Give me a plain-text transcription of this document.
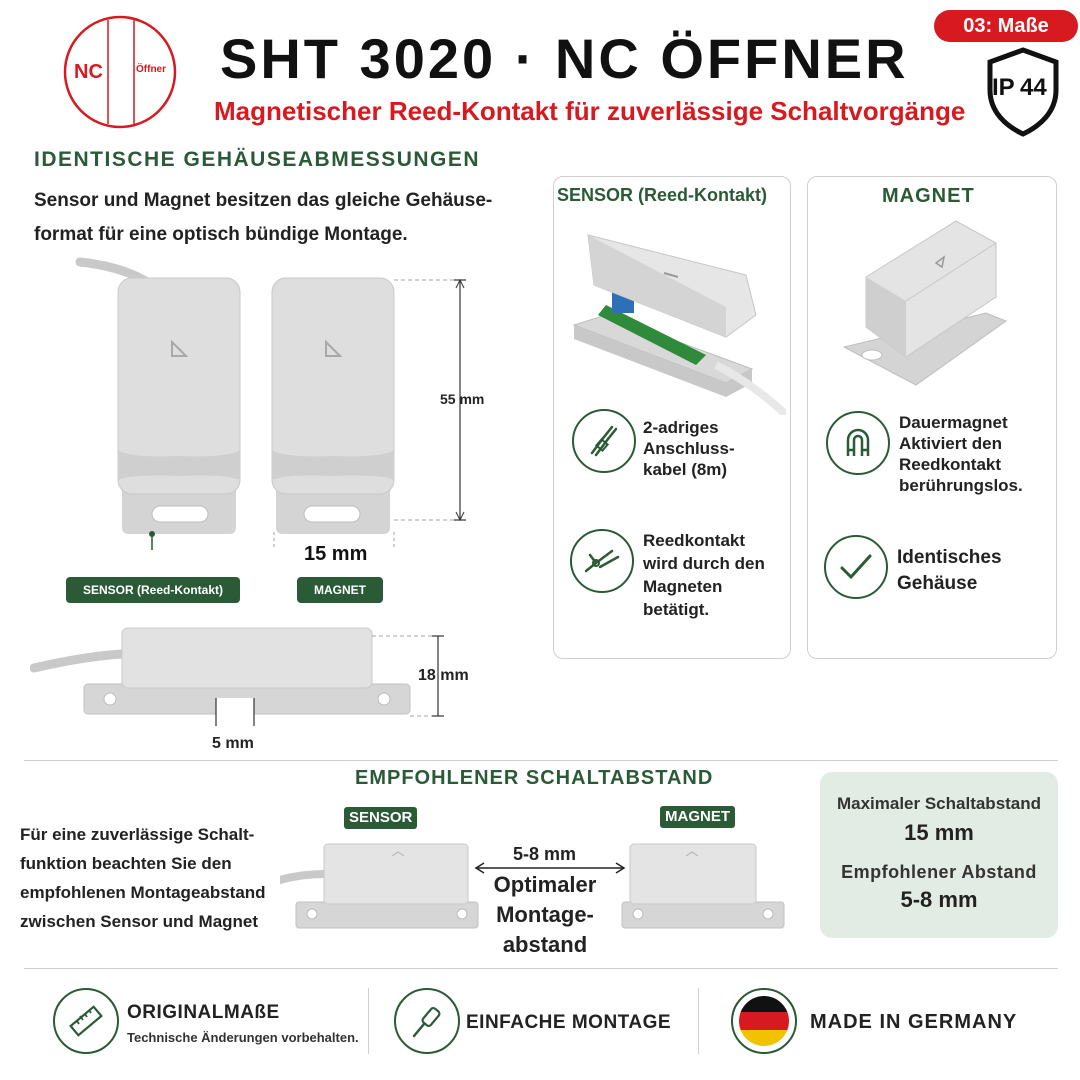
NC	Öffner SHT 3020 · NC ÖFFNER
Magnetischer Reed-Kontakt für zuverlässige Schaltvorgänge
03: Maße
IP 44
IDENTISCHE GEHÄUSEABMESSUNGEN
Sensor und Magnet besitzen das gleiche Gehäuse-
format für eine optisch bündige Montage.
55 mm
15 mm
SENSOR (Reed-Kontakt)	MAGNET
18 mm
5 mm
SENSOR (Reed-Kontakt)
2-adriges
Anschluss-
kabel (8m)
Reedkontakt
wird durch den
Magneten
betätigt.
MAGNET
Dauermagnet
Aktiviert den
Reedkontakt
berührungslos.
Identisches
Gehäuse
EMPFOHLENER SCHALTABSTAND
Für eine zuverlässige Schalt-
funktion beachten Sie den
empfohlenen Montageabstand
zwischen Sensor und Magnet
SENSOR	MAGNET
5-8 mm
Optimaler
Montage-
abstand
Maximaler Schaltabstand
15 mm
Empfohlener Abstand
5-8 mm
ORIGINALMAßE
Technische Änderungen vorbehalten.
EINFACHE MONTAGE	MADE IN GERMANY
